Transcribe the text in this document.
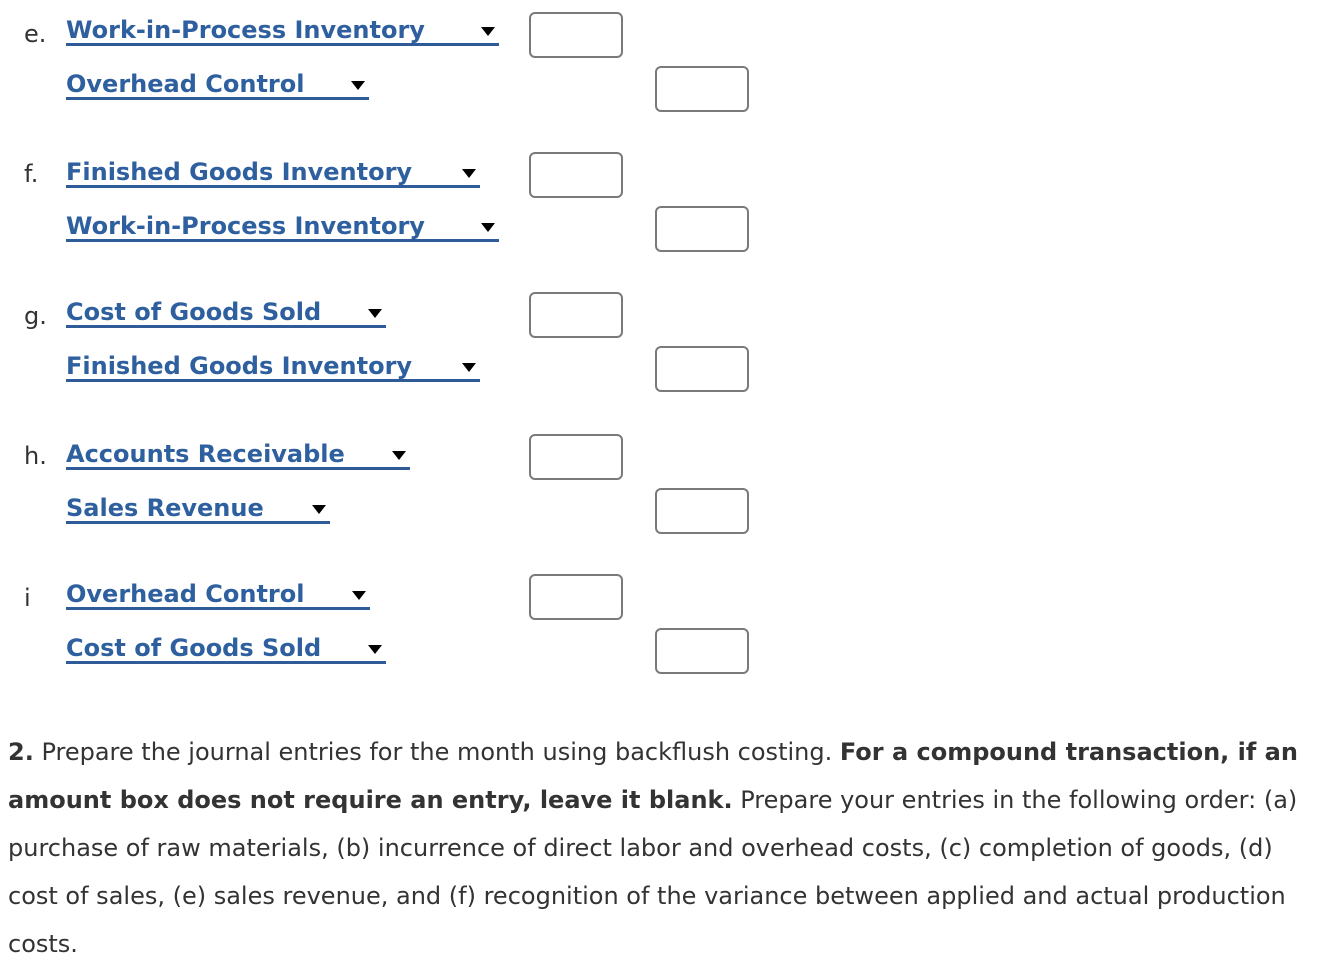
e. Work-in-Process Inventory
Overhead Control
f. Finished Goods Inventory
Work-in-Process Inventory
g. Cost of Goods Sold
Finished Goods Inventory
h. Accounts Receivable
Sales Revenue
i Overhead Control
Cost of Goods Sold
2. Prepare the journal entries for the month using backflush costing. For a compound transaction, if an amount box does not require an entry, leave it blank. Prepare your entries in the following order: (a) purchase of raw materials, (b) incurrence of direct labor and overhead costs, (c) completion of goods, (d) cost of sales, (e) sales revenue, and (f) recognition of the variance between applied and actual production costs.
